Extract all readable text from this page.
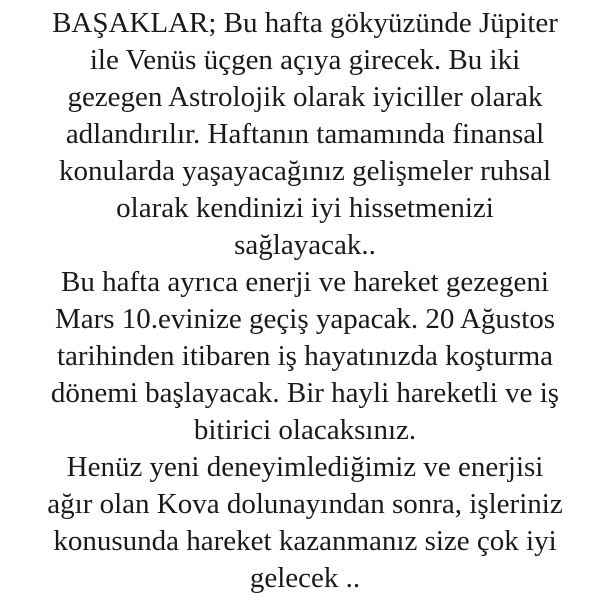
BAŞAKLAR; Bu hafta gökyüzünde Jüpiter
ile Venüs üçgen açıya girecek. Bu iki
gezegen Astrolojik olarak iyiciller olarak
adlandırılır. Haftanın tamamında finansal
konularda yaşayacağınız gelişmeler ruhsal
olarak kendinizi iyi hissetmenizi
sağlayacak..
Bu hafta ayrıca enerji ve hareket gezegeni
Mars 10.evinize geçiş yapacak. 20 Ağustos
tarihinden itibaren iş hayatınızda koşturma
dönemi başlayacak. Bir hayli hareketli ve iş
bitirici olacaksınız.
Henüz yeni deneyimlediğimiz ve enerjisi
ağır olan Kova dolunayından sonra, işleriniz
konusunda hareket kazanmanız size çok iyi
gelecek ..
